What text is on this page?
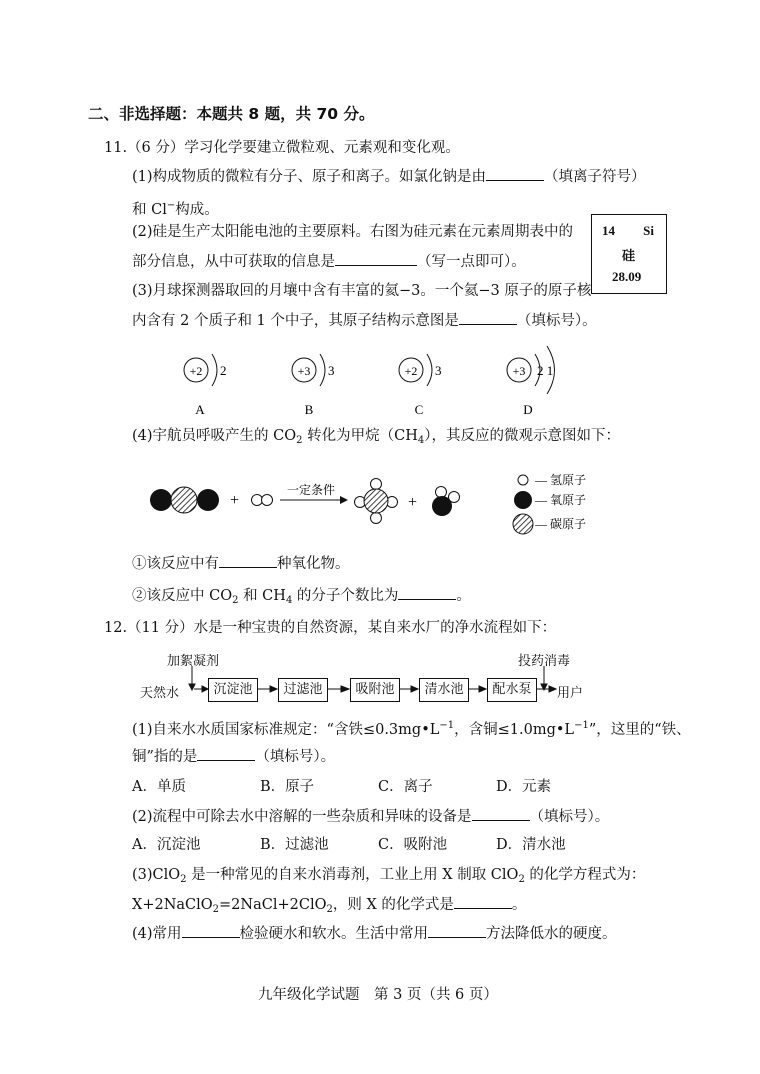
二、非选择题：本题共 8 题，共 70 分。
11.（6 分）学习化学要建立微粒观、元素观和变化观。
(1)构成物质的微粒有分子、原子和离子。如氯化钠是由	（填离子符号）
和 Cl−构成。
(2)硅是生产太阳能电池的主要原料。右图为硅元素在元素周期表中的
部分信息，从中可获取的信息是	（写一点即可）。
14 Si
硅
28.09
(3)月球探测器取回的月壤中含有丰富的氦−3。一个氦−3 原子的原子核
内含有 2 个质子和 1 个中子，其原子结构示意图是	（填标号）。
+2 2
A
+3 3
B
+2 3
C
+3 2 1
D
(4)宇航员呼吸产生的 $CO_2$ 转化为甲烷$(CH_4)$，其反应的微观示意图如下：
+
一定条件
+
— 氢原子
— 氧原子
— 碳原子
①该反应中有	种氧化物。
②该反应中 $CO_2$ 和 $CH_4$ 的分子个数比为	。
12.（11 分）水是一种宝贵的自然资源，某自来水厂的净水流程如下：
加絮凝剂	投药消毒
天然水	沉淀池	过滤池	吸附池	清水池	配水泵	用户
(1)自来水水质国家标准规定：“含铁$\le 0.3mg•L^{-1}$，含铜$\le 1.0mg•L^{-1}$”，这里的“铁、
铜”指的是	（填标号）。
A．单质	B．原子	C．离子	D．元素
(2)流程中可除去水中溶解的一些杂质和异味的设备是	（填标号）。
A．沉淀池	B．过滤池	C．吸附池	D．清水池
(3)ClO$_2$ 是一种常见的自来水消毒剂，工业上用 X 制取 ClO$_2$ 的化学方程式为：
X+2NaClO$_2$=2NaCl+2ClO$_2$，则 X 的化学式是	。
(4)常用	检验硬水和软水。生活中常用	方法降低水的硬度。
九年级化学试题　第 3 页（共 6 页）
